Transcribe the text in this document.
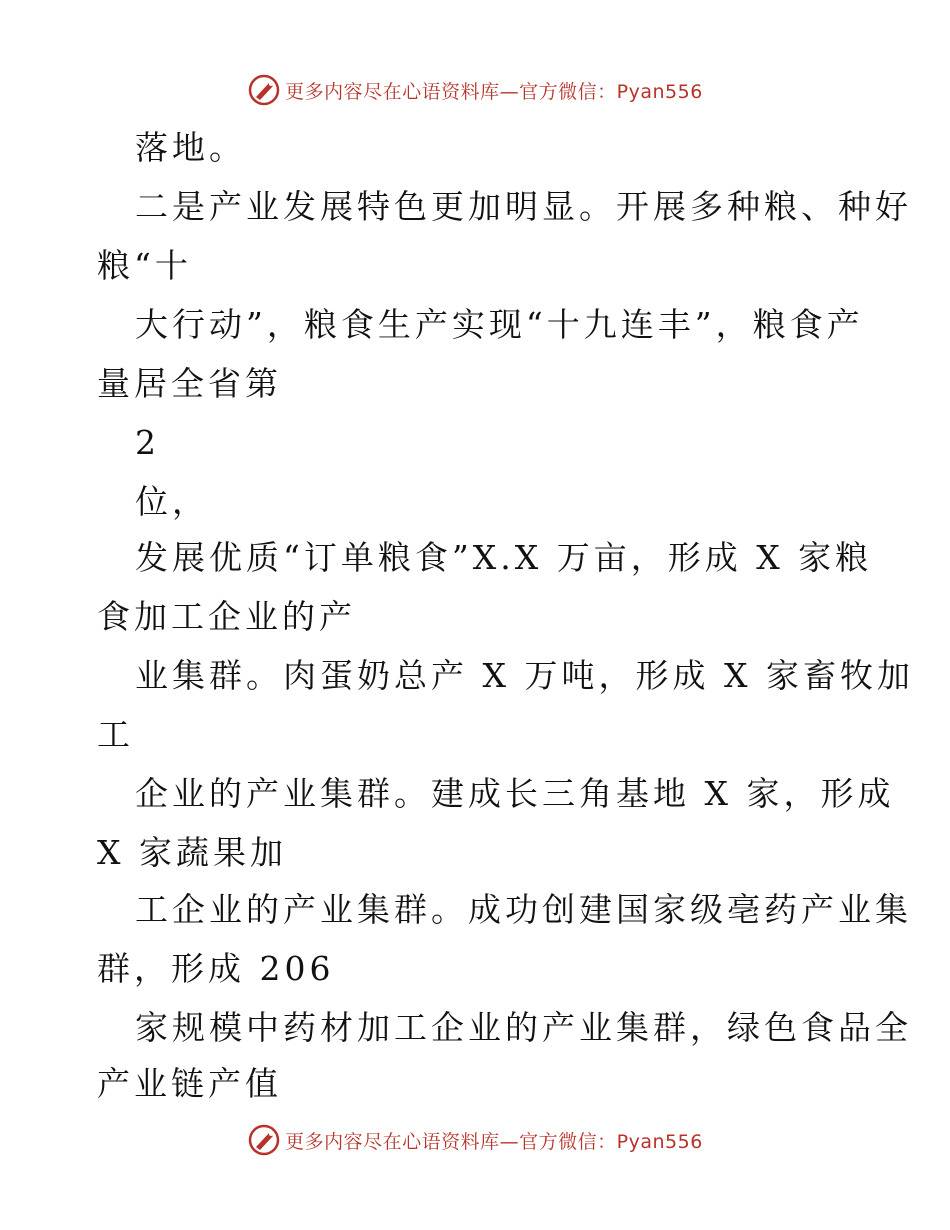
更多内容尽在心语资料库—官方微信：Pyan556
落地。
二是产业发展特色更加明显。开展多种粮、种好
粮“十
大行动”，粮食生产实现“十九连丰”，粮食产
量居全省第
2
位，
发展优质“订单粮食”X.X 万亩，形成 X 家粮
食加工企业的产
业集群。肉蛋奶总产 X 万吨，形成 X 家畜牧加
工
企业的产业集群。建成长三角基地 X 家，形成
X 家蔬果加
工企业的产业集群。成功创建国家级亳药产业集
群，形成 206
家规模中药材加工企业的产业集群，绿色食品全
产业链产值
更多内容尽在心语资料库—官方微信：Pyan556
